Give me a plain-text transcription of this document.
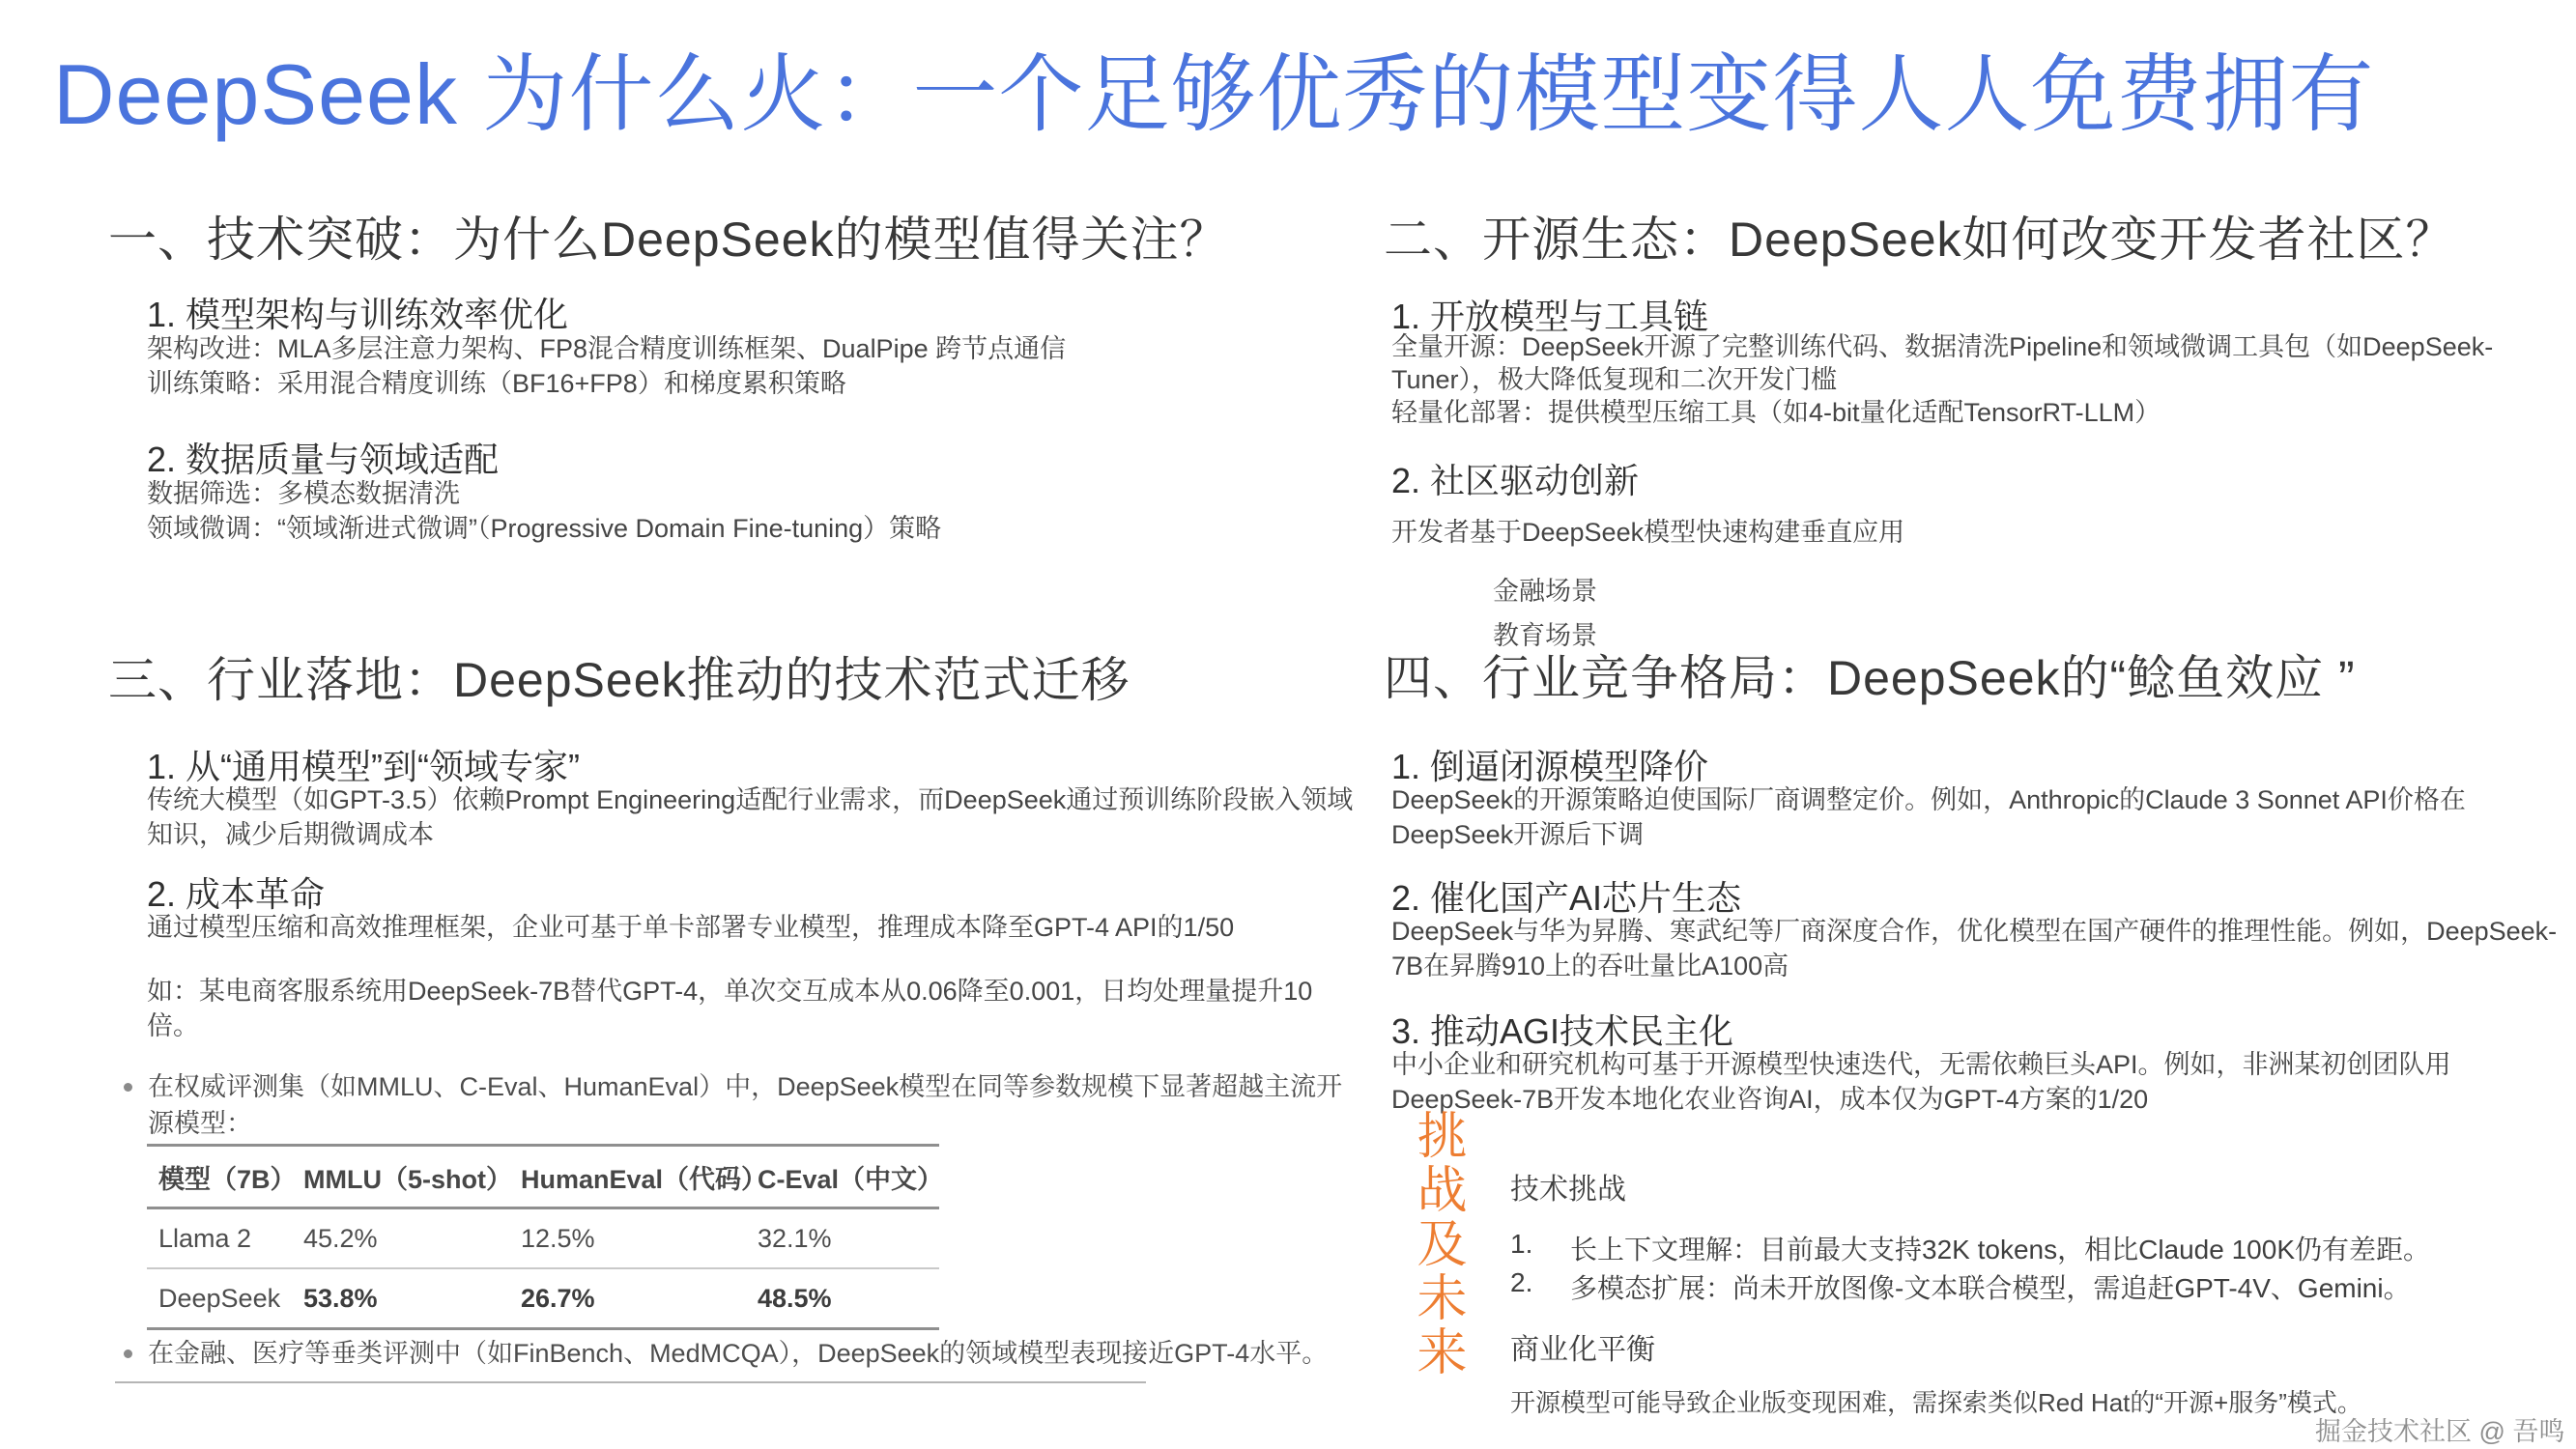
DeepSeek 为什么火：一个足够优秀的模型变得人人免费拥有
一、技术突破：为什么DeepSeek的模型值得关注？
1. 模型架构与训练效率优化
架构改进：MLA多层注意力架构、FP8混合精度训练框架、DualPipe 跨节点通信
训练策略：采用混合精度训练（BF16+FP8）和梯度累积策略
2. 数据质量与领域适配
数据筛选：多模态数据清洗
领域微调：“领域渐进式微调”（Progressive Domain Fine-tuning）策略
二、开源生态：DeepSeek如何改变开发者社区？
1. 开放模型与工具链
全量开源：DeepSeek开源了完整训练代码、数据清洗Pipeline和领域微调工具包（如DeepSeek-Tuner），极大降低复现和二次开发门槛
轻量化部署：提供模型压缩工具（如4-bit量化适配TensorRT-LLM）
2. 社区驱动创新
开发者基于DeepSeek模型快速构建垂直应用
金融场景
教育场景
三、行业落地：DeepSeek推动的技术范式迁移
1. 从“通用模型”到“领域专家”
传统大模型（如GPT-3.5）依赖Prompt Engineering适配行业需求，而DeepSeek通过预训练阶段嵌入领域知识，减少后期微调成本
2. 成本革命
通过模型压缩和高效推理框架，企业可基于单卡部署专业模型，推理成本降至GPT-4 API的1/50
如：某电商客服系统用DeepSeek-7B替代GPT-4，单次交互成本从0.06降至0.001，日均处理量提升10倍。
在权威评测集（如MMLU、C-Eval、HumanEval）中，DeepSeek模型在同等参数规模下显著超越主流开源模型：
模型（7B）	MMLU（5-shot）	HumanEval（代码）	C-Eval（中文）
Llama 2	45.2%	12.5%	32.1%
DeepSeek	53.8%	26.7%	48.5%
在金融、医疗等垂类评测中（如FinBench、MedMCQA），DeepSeek的领域模型表现接近GPT-4水平。
四、行业竞争格局：DeepSeek的“鲶鱼效应 ”
1. 倒逼闭源模型降价
DeepSeek的开源策略迫使国际厂商调整定价。例如，Anthropic的Claude 3 Sonnet API价格在DeepSeek开源后下调
2. 催化国产AI芯片生态
DeepSeek与华为昇腾、寒武纪等厂商深度合作，优化模型在国产硬件的推理性能。例如，DeepSeek-7B在昇腾910上的吞吐量比A100高
3. 推动AGI技术民主化
中小企业和研究机构可基于开源模型快速迭代，无需依赖巨头API。例如，非洲某初创团队用DeepSeek-7B开发本地化农业咨询AI，成本仅为GPT-4方案的1/20
挑战及未来 技术挑战
1.	长上下文理解：目前最大支持32K tokens，相比Claude 100K仍有差距。
2.	多模态扩展：尚未开放图像-文本联合模型，需追赶GPT-4V、Gemini。
商业化平衡
开源模型可能导致企业版变现困难，需探索类似Red Hat的“开源+服务”模式。
掘金技术社区 @ 吾鸣
